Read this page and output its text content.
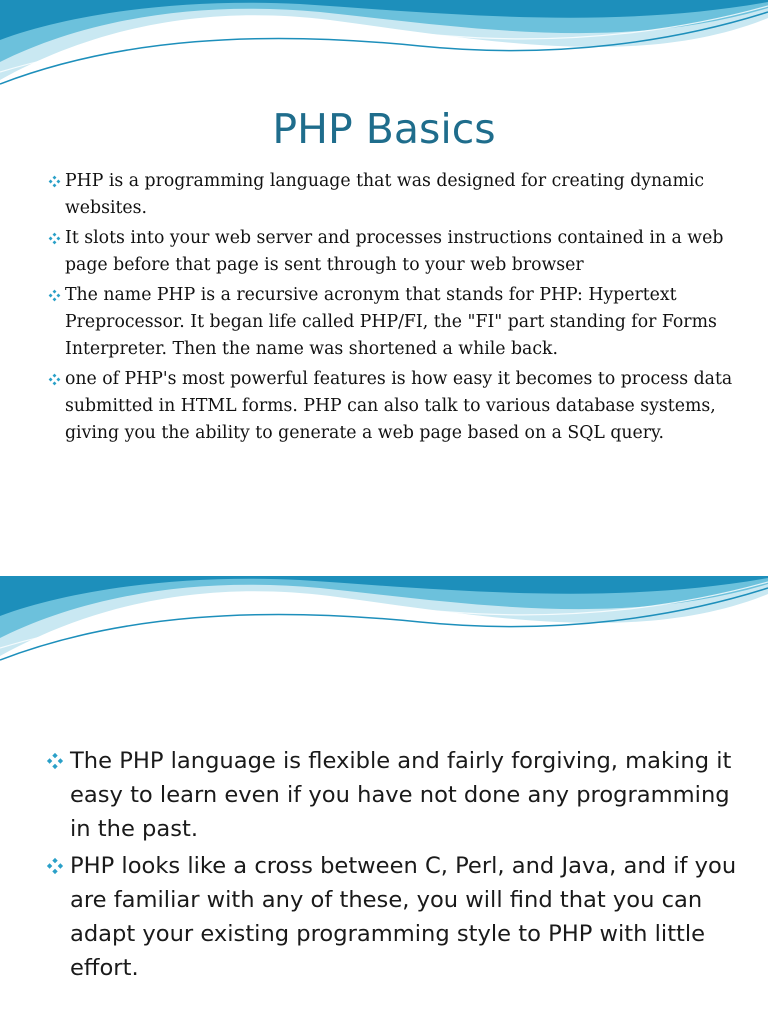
PHP Basics
PHP is a programming language that was designed for creating dynamic websites.
It slots into your web server and processes instructions contained in a web page before that page is sent through to your web browser
The name PHP is a recursive acronym that stands for PHP: Hypertext Preprocessor. It began life called PHP/FI, the "FI" part standing for Forms Interpreter. Then the name was shortened a while back.
one of PHP's most powerful features is how easy it becomes to process data submitted in HTML forms. PHP can also talk to various database systems, giving you the ability to generate a web page based on a SQL query.
The PHP language is flexible and fairly forgiving, making it easy to learn even if you have not done any programming in the past.
PHP looks like a cross between C, Perl, and Java, and if you are familiar with any of these, you will find that you can adapt your existing programming style to PHP with little effort.
